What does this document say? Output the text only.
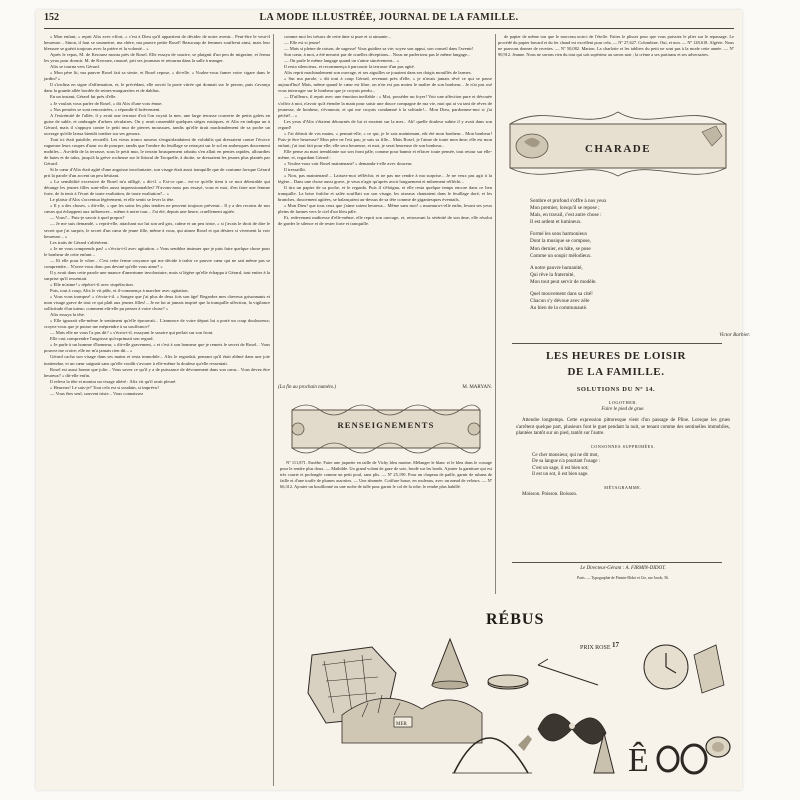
152	LA MODE ILLUSTRÉE, JOURNAL DE LA FAMILLE.

« Mon enfant, » reprit Alix avec effort, « c'est à Dieu qu'il appartient de décider de notre avenir... Peut-être le veut-il heureuse... Sinon, il faut se soumettre, ma chère, ma pauvre petite Rosel! Beaucoup de femmes souffrent ainsi, mais leur blessure se guérit toujours avec la prière et la volonté... »

Après le repas, M. de Kerouez monta près de Rosel. Elle essaya de sourire, se plaignit d'un peu de migraine, et ferma les yeux pour dormir. M. de Kerouez, rassuré, prit ses journaux et retourna dans la salle à manger.

Alix se tourna vers Gérard.

« Mon père lit, ma pauvre Rosel fait sa sieste, et Rosel repose, » dit-elle. « Voulez-vous fumer votre cigare dans le jardin? »

Il s'inclina en signe d'affirmation, et, le précédant, elle ouvrit la porte vitrée qui donnait sur le perron, puis s'avança dans la grande allée bordée de reines-marguerites et de dahlias.

En un instant, Gérard fut près d'elle.

« Je voulais vous parler de Rosel, » dit Alix d'une voix émue.

« Nos pensées se sont rencontrées, » répondit-il brièvement.

A l'extrémité de l'allée, il y avait une terrasse d'où l'on voyait la mer, une large terrasse couverte de petits galets en guise de sable, et ombragée d'arbres séculaires. On y avait rassemblé quelques sièges rustiques, et Alix en indiqua un à Gérard, mais il s'appuya contre le petit mur de pierres moussues, tandis qu'elle tirait machinalement de sa poche un ouvrage qu'elle laissa bientôt tomber sur ses genoux.

Tout ici était paisible, recueilli. Les vieux troncs noueux s'enguirlandaient de volubilis qui dressaient contre l'écorce rugueuse leurs coupes d'azur ou de pourpre, tandis que l'ombre du feuillage se retraçait sur le sol en arabesques doucement mobiles... Au-delà de la terrasse, sous le petit mur, le terrain brusquement rabattu s'en allait en pentes rapides, allourdies de haies et de talus, jusqu'à la grève rocheuse sur le littoral de Tacquelle, à droite, se dressaient les jeunes plus plantés par Gérard.

Si le cœur d'Alix était agité d'une angoisse involontaire, son visage était aussi tranquille que de coutume lorsque Gérard prit la parole d'un accent un peu hésitant.

« La sensibilité excessive de Rosel m'a affligé, » dit-il. « Est-ce que... est-ce qu'elle tient à ce mot détestable qui dérange les jeunes filles sont-elles aussi impressionnables? N'avons-nous pas essayé, vous et moi, d'en faire une femme forte, de la tenir à l'écart de toute exaltation, de toute exaltation?... »

Le plaisir d'Alix s'accentua légèrement, et elle sentit se lever la tête.

« Il y a des choses, » dit-elle, « que les soins les plus tendres ne peuvent toujours prévenir... Il y a des recoins de nos cœurs qui échappent aux influences... même à notre tour... J'ai été, depuis une heure, cruellement agitée.

— Vous?... Puis-je savoir à quel propos?

— Je me suis demandé, » reprit-elle, attachant sur lui son œil gris, calme et un peu triste, « si j'avais le droit de dire le secret que j'ai surpris, le secret d'un cœur de jeune fille, même à vous, qui aimez Rosel et qui désirez si vivement la voir heureuse... »

Les traits de Gérard s'altérèrent.

« Je ne vous comprends pas! » s'écria-t-il avec agitation. « Vous semblez insinuer que je puis faire quelque chose pour le bonheur de cette enfant...

— Et elle pour le vôtre... C'est cette ferme croyance qui me décide à trahir ce pauvre cœur qui ne sait même pas se comprendre... N'avez-vous donc pas deviné qu'elle vous aime? »

Il y avait dans cette parole une nuance d'amertume involontaire, mais si légère qu'elle échappa à Gérard, tout entier à la surprise qu'il ressentait.

« Elle m'aime! » répéta-t-il avec stupéfaction.

Puis, tout à coup, Alix le vit pâlir, et il-commença à marcher avec agitation.

« Vous vous trompez! » s'écria-t-il. « Songez que j'ai plus de deux fois son âge! Regardez mes cheveux grisonnants et mon visage grave de tout ce qui plaît aux jeunes filles!... Je ne lui ai jamais inspiré que la tranquille affection, la vigilance sollicitude d'un tuteur; comment eût-elle pu penser à votre chose? »

Alix essuya la tête.

« Elle ignorait elle-même le sentiment qu'elle éprouvait... L'annonce de votre départ lui a porté un coup douloureux; croyez-vous que je puisse me méprendre à sa souffrance?

— Mais elle ne vous l'a pas dit? » s'écria-t-il, essayant le sourire qui perlait sur son front.

Elle crut comprendre l'angoisse qu'exprimait son regard.

« Je parle à un homme d'honneur, » dit-elle gravement, « et c'est à son honneur que je remets le secret de Rosel... Vous pouvez me croire; elle ne m'a jamais rien dit... »

Gérard cacha son visage dans ses mains et resta immobile... Alix le regardait, pensant qu'il était abîmé dans une joie inattendue, et un cœur saignait sans qu'elle voulût s'avouer à elle-même la douleur qu'elle ressentait.

Rosel est aussi bonne que jolie... Vous savez ce qu'il y a de puissance de dévouement dans son cœur... Vous devez être heureux? » dit-elle enfin.

Il releva la tête et montra un visage altéré : Alix vit qu'il avait pleuré.

« Heureux! Le sais-je? Tout cela est si soudain, si imprévu!

— Vous êtes seul, souvent triste... Vous connaissez

comme moi les trésors de cette âme si pure et si aimante...

— Elle est si jeune!

— Mais si pleine de raison, de sagesse! Vous guidiez sa vie; soyez son appui, son conseil dans l'avenir!

Son cœur, à moi, a été meurtri par de cruelles déceptions... Nous ne parlerions pas le même langage...

— On parle le même langage quand on s'aime sincèrement... »

Il resta silencieux, et recommença à parcourir la terrasse d'un pas agité.

Alix reprit machinalement son ouvrage, et ses aiguilles se jouaient dans ses doigts mouillés de larmes.

« Sur ma parole, » dit tout à coup Gérard, revenant près d'elle, « je n'avais jamais rêvé ce qui se passe aujourd'hui! Mais, même quand le cœur est libre, on n'en est pas moins le maître de son bonheur... Je n'ai pas osé vous interroger sur le bonheur que je croyais perdu...

— D'ailleurs, il reprit avec une émotion ineffable : « Moi, posséder un foyer! Voir une affection pure et dévouée s'offrir à moi, n'avoir qu'à étendre la main pour saisir une douce compagne de ma vie, moi qui ai vu tant de rêves de jeunesse, de bonheur, s'évanouir, et qui me croyais condamné à la solitude!... Mon Dieu, pardonnez-moi si j'ai péché!... »

Les yeux d'Alix s'étaient détournés de lui et erraient sur la mer... Ah! quelle douleur subite il y avait dans son regard!

« J'ai détruit de vos mains, » pensait-elle, « ce qui, je le sais maintenant, eût été mon bonheur... Mon bonheur! Puis-je être heureuse? Mon père ne l'est pas; je suis sa fille... Mais Rosel, je l'aime de toute mon âme; elle est mon enfant; j'ai tout fait pour elle; elle sera heureuse, et moi, je serai heureuse de son bonheur...

Elle pense au mari tremblante sur son front pâle, comme pour bannir et effacer toute pensée, tout retour sur elle-même, et, regardant Gérard :

« Voulez-vous voir Rosel maintenant? » demanda-t-elle avec douceur.

Il tressaillit.

« Non, pas maintenant!... Laissez-moi réfléchir, et ne pas me rendre à ma surprise... Je ne veux pas agir à la légère... Dans une chose aussi grave, je veux n'agir qu'après avoir longuement et mûrement réfléchi...

Il tira un papier de sa poche, et le regarda. Puis il s'éloigna, et elle resta quelque temps encore dans ce lieu tranquille. La brise fraîche et salée soufflait sur son visage, les oiseaux chantaient dans le feuillage doré, et les branches, doucement agitées, se balançaient au-dessus de sa tête comme de gigantesques éventails.

« Mon Dieu! que tous ceux que j'aime soient heureux... Même sans moi! » murmura-t-elle enfin, levant ses yeux pleins de larmes vers le ciel d'un bleu pâle.

Et, redevenant maîtresse d'elle-même, elle reprit son ouvrage, et, retrouvant la sérénité de son âme, elle résolut de garder le silence et de rester forte et tranquille.

(La fin au prochain numéro.)	M. MARYAN.
RENSEIGNEMENTS

Nº 111,871. Eusèbe. Faire une jaquette en taille de Vichy bleu marine. Mélanger le blanc et le bleu dans le corsage pour le rendre plus doux. — Mathilde. Un grand volant de gaze de soie, brodé sur les bords. Ajouter la garniture qui est très courte et prolongée comme un petit pouf, sans plis. — Nº 25,190. Pour un chapeau de paille, garnir de rubans de faille et d'une touffe de plumes assorties. — Une abonnée. Coiffure basse, en rouleaux, avec un nœud de velours. — Nº 66,312. Ajouter un bouillonné ou une ruche de tulle pour garnir le col de la robe, le rendre plus habillé.

de papier de même ton que le morceau noirci de l'étoffe. Faites le plisser pour que vous puissiez le plier sur le repassage. Le procédé du papier buvard et du fer chaud est excellent pour cela. — Nº 27,627. Colombine. Oui, et non. — Nº 128,618. Algérie. Nous ne pouvons donner de recettes. — Nº 50,082. Marion. La charlotte et les tabliers du petit ne sont pas à la mode cette année. — Nº 90,912. Jeanne. Nous ne savons rien du tout qui soit supérieur au savon noir ; la crème a ses partisans et ses adversaires.

CHARADE
Sombre et profond s'offre à nos yeux
Mon premier, lorsqu'il se repose ;
Mais, en travail, c'est autre chose :
Il est ardent et lumineux.
Formé les sons harmonieux
Dont la musique se compose,
Mon dernier, en hâte, se pose
Comme un soupir mélodieux.
A notre pauvre humanité,
Qui rêve la fraternité,
Mon tout peut servir de modèle.
Quel mouvement dans sa cité!
Chacun s'y dévoue avec zèle
Au bien de la communauté.
Victor Barbier.
LES HEURES DE LOISIR
DE LA FAMILLE.
SOLUTIONS DU Nº 14.
LOGOTHER.
Faire le pied de grue.

Attendre longtemps. Cette expression pittoresque vient d'un passage de Pline. Lorsque les grues s'arrêtent quelque part, plusieurs font le guet pendant la nuit, se tenant comme des sentinelles immobiles, plantées tantôt sur un pied, tantôt sur l'autre.

CONSONNES SUPPRIMÉES.
Ce cher monsieur, qui ne dit mot,
De sa langue n'a pourtant l'usage :
C'est un sage, il est bien sot;
Il est un sot, il est bien sage.
MÉTAGRAMME.

Moisson. Poisson. Boisson.

Le Directeur-Gérant : A. FIRMIN-DIDOT.
Paris. — Typographie de Firmin-Didot et Cie, rue Jacob, 56.
RÉBUS
PRIX ROSE 17
MER
Ê
